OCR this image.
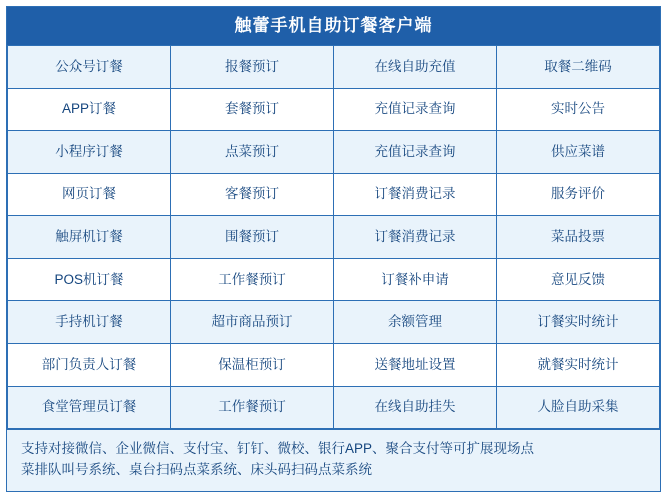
触蕾手机自助订餐客户端
公众号订餐	报餐预订	在线自助充值	取餐二维码
APP订餐	套餐预订	充值记录查询	实时公告
小程序订餐	点菜预订	充值记录查询	供应菜谱
网页订餐	客餐预订	订餐消费记录	服务评价
触屏机订餐	围餐预订	订餐消费记录	菜品投票
POS机订餐	工作餐预订	订餐补申请	意见反馈
手持机订餐	超市商品预订	余额管理	订餐实时统计
部门负责人订餐	保温柜预订	送餐地址设置	就餐实时统计
食堂管理员订餐	工作餐预订	在线自助挂失	人脸自助采集
支持对接微信、企业微信、支付宝、钉钉、微校、银行APP、聚合支付等可扩展现场点
菜排队叫号系统、桌台扫码点菜系统、床头码扫码点菜系统
